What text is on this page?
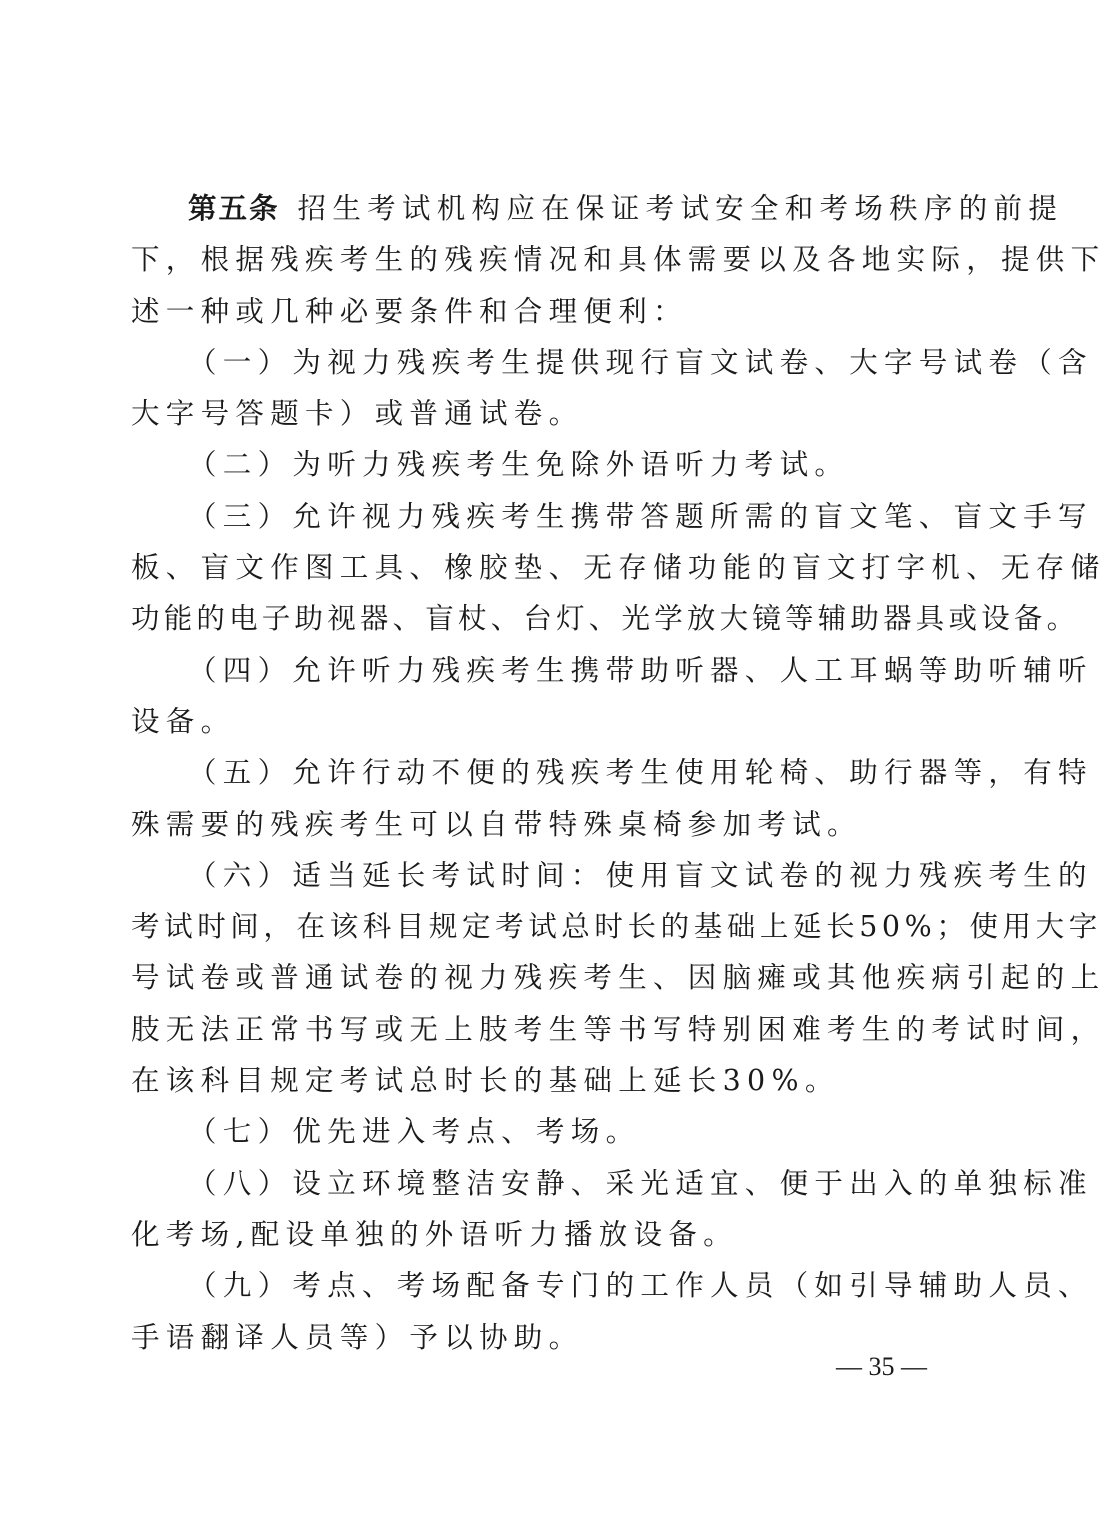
第五条 招生考试机构应在保证考试安全和考场秩序的前提
下，根据残疾考生的残疾情况和具体需要以及各地实际，提供下
述一种或几种必要条件和合理便利：
（一）为视力残疾考生提供现行盲文试卷、大字号试卷（含
大字号答题卡）或普通试卷。
（二）为听力残疾考生免除外语听力考试。
（三）允许视力残疾考生携带答题所需的盲文笔、盲文手写
板、盲文作图工具、橡胶垫、无存储功能的盲文打字机、无存储
功能的电子助视器、盲杖、台灯、光学放大镜等辅助器具或设备。
（四）允许听力残疾考生携带助听器、人工耳蜗等助听辅听
设备。
（五）允许行动不便的残疾考生使用轮椅、助行器等，有特
殊需要的残疾考生可以自带特殊桌椅参加考试。
（六）适当延长考试时间：使用盲文试卷的视力残疾考生的
考试时间，在该科目规定考试总时长的基础上延长50%；使用大字
号试卷或普通试卷的视力残疾考生、因脑瘫或其他疾病引起的上
肢无法正常书写或无上肢考生等书写特别困难考生的考试时间，
在该科目规定考试总时长的基础上延长30%。
（七）优先进入考点、考场。
（八）设立环境整洁安静、采光适宜、便于出入的单独标准
化考场,配设单独的外语听力播放设备。
（九）考点、考场配备专门的工作人员（如引导辅助人员、
手语翻译人员等）予以协助。
— 35 —
